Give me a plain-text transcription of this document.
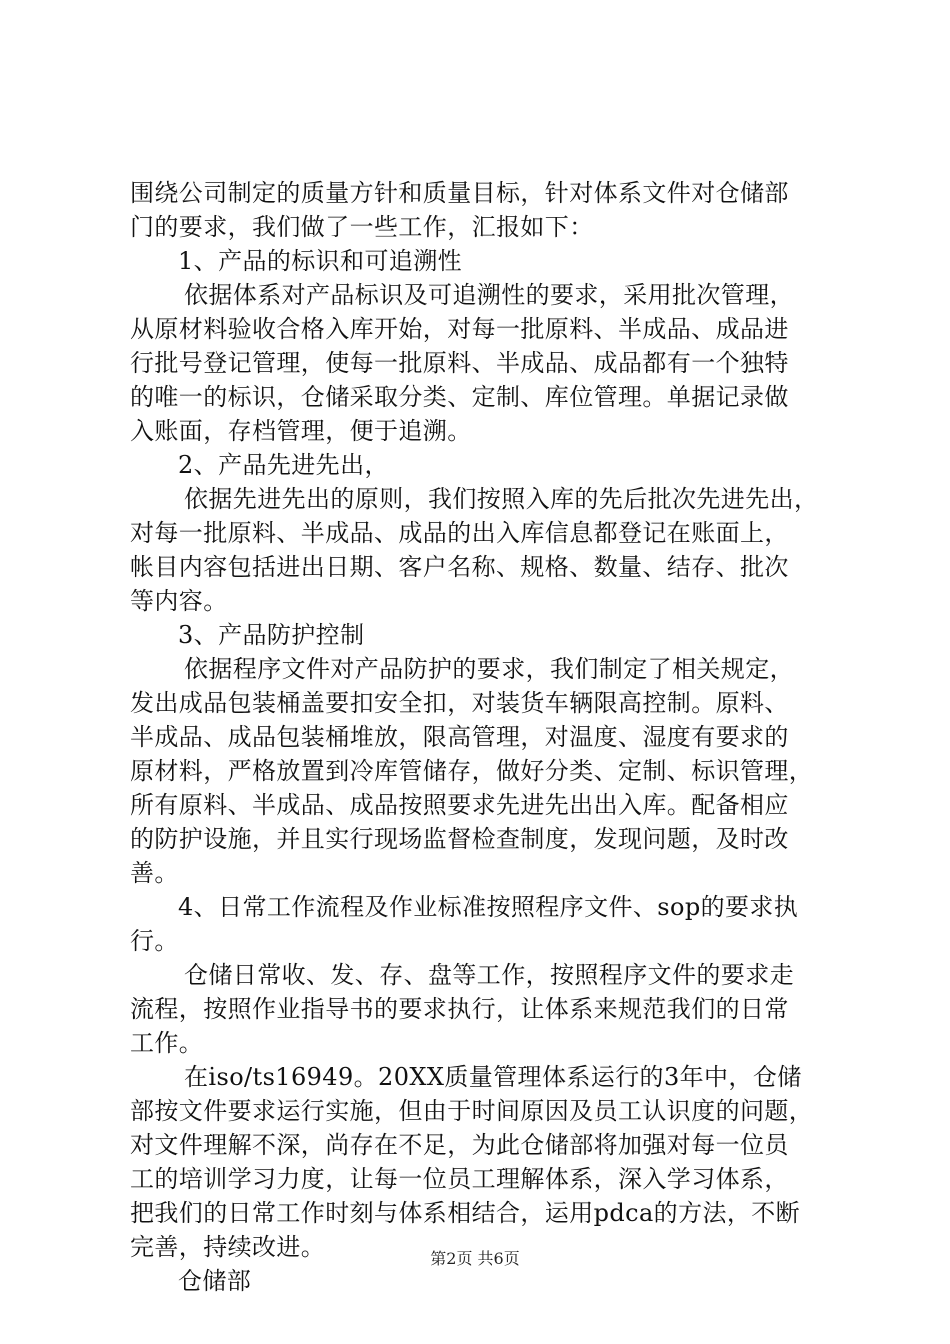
围绕公司制定的质量方针和质量目标，针对体系文件对仓储部
门的要求，我们做了一些工作，汇报如下：
1、产品的标识和可追溯性
依据体系对产品标识及可追溯性的要求，采用批次管理，
从原材料验收合格入库开始，对每一批原料、半成品、成品进
行批号登记管理，使每一批原料、半成品、成品都有一个独特
的唯一的标识，仓储采取分类、定制、库位管理。单据记录做
入账面，存档管理，便于追溯。
2、产品先进先出，
依据先进先出的原则，我们按照入库的先后批次先进先出，
对每一批原料、半成品、成品的出入库信息都登记在账面上，
帐目内容包括进出日期、客户名称、规格、数量、结存、批次
等内容。
3、产品防护控制
依据程序文件对产品防护的要求，我们制定了相关规定，
发出成品包装桶盖要扣安全扣，对装货车辆限高控制。原料、
半成品、成品包装桶堆放，限高管理，对温度、湿度有要求的
原材料，严格放置到冷库管储存，做好分类、定制、标识管理，
所有原料、半成品、成品按照要求先进先出出入库。配备相应
的防护设施，并且实行现场监督检查制度，发现问题，及时改
善。
4、日常工作流程及作业标准按照程序文件、sop的要求执
行。
仓储日常收、发、存、盘等工作，按照程序文件的要求走
流程，按照作业指导书的要求执行，让体系来规范我们的日常
工作。
在iso/ts16949。20XX质量管理体系运行的3年中，仓储
部按文件要求运行实施，但由于时间原因及员工认识度的问题，
对文件理解不深，尚存在不足，为此仓储部将加强对每一位员
工的培训学习力度，让每一位员工理解体系，深入学习体系，
把我们的日常工作时刻与体系相结合，运用pdca的方法，不断
完善，持续改进。
仓储部
第2页 共6页
